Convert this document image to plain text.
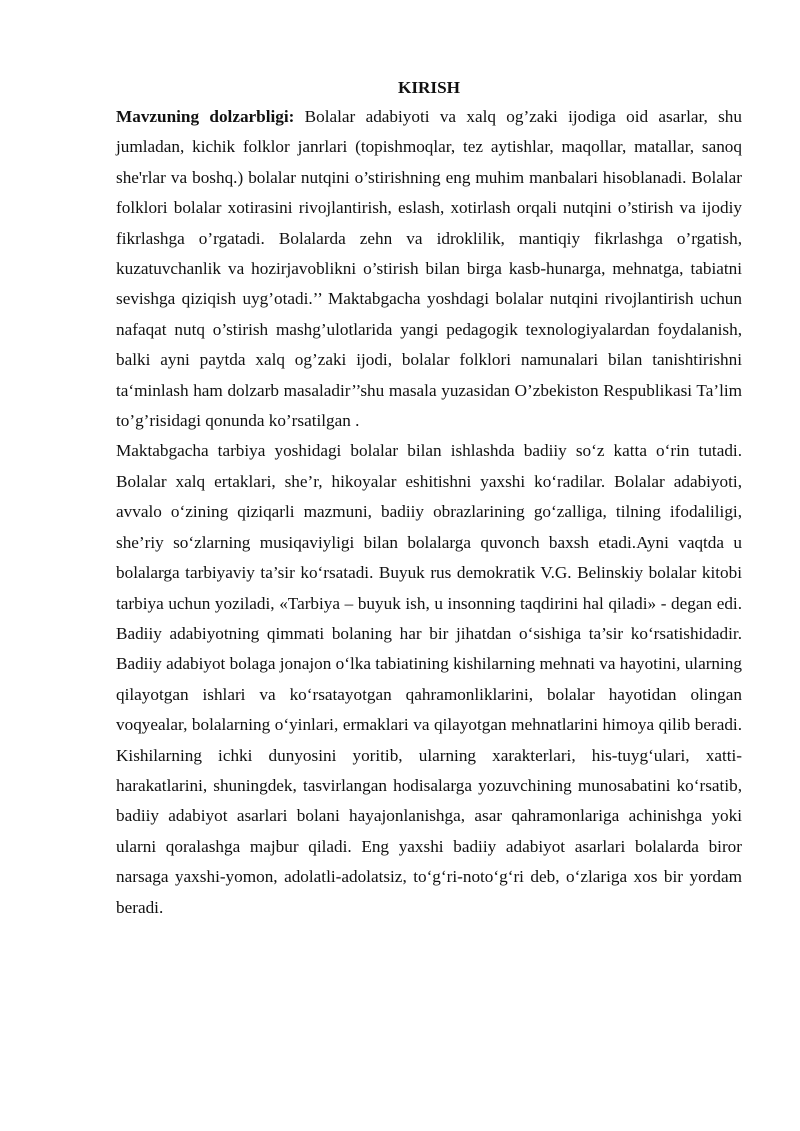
KIRISH

Mavzuning dolzarbligi: Bolalar adabiyoti va xalq og’zaki ijodiga oid asarlar, shu jumladan, kichik folklor janrlari (topishmoqlar, tez aytishlar, maqollar, matallar, sanoq she'rlar va boshq.) bolalar nutqini o’stirishning eng muhim manbalari hisoblanadi. Bolalar folklori bolalar xotirasini rivojlantirish, eslash, xotirlash orqali nutqini o’stirish va ijodiy fikrlashga o’rgatadi. Bolalarda zehn va idroklilik, mantiqiy fikrlashga o’rgatish, kuzatuvchanlik va hozirjavoblikni o’stirish bilan birga kasb-hunarga, mehnatga, tabiatni sevishga qiziqish uyg’otadi.’’ Maktabgacha yoshdagi bolalar nutqini rivojlantirish uchun nafaqat nutq o’stirish mashg’ulotlarida yangi pedagogik texnologiyalardan foydalanish, balki ayni paytda xalq og’zaki ijodi, bolalar folklori namunalari bilan tanishtirishni ta‘minlash ham dolzarb masaladir’’shu masala yuzasidan O’zbekiston Respublikasi Ta’lim to’g’risidagi qonunda ko’rsatilgan .

Maktabgacha tarbiya yoshidagi bolalar bilan ishlashda badiiy so‘z katta o‘rin tutadi. Bolalar xalq ertaklari, she’r, hikoyalar eshitishni yaxshi ko‘radilar. Bolalar adabiyoti, avvalo o‘zining qiziqarli mazmuni, badiiy obrazlarining go‘zalliga, tilning ifodaliligi, she’riy so‘zlarning musiqaviyligi bilan bolalarga quvonch baxsh etadi.Ayni vaqtda u bolalarga tarbiyaviy ta’sir ko‘rsatadi. Buyuk rus demokratik V.G. Belinskiy bolalar kitobi tarbiya uchun yoziladi, «Tarbiya – buyuk ish, u insonning taqdirini hal qiladi» - degan edi. Badiiy adabiyotning qimmati bolaning har bir jihatdan o‘sishiga ta’sir ko‘rsatishidadir. Badiiy adabiyot bolaga jonajon o‘lka tabiatining kishilarning mehnati va hayotini, ularning qilayotgan ishlari va ko‘rsatayotgan qahramonliklarini, bolalar hayotidan olingan voqyealar, bolalarning o‘yinlari, ermaklari va qilayotgan mehnatlarini himoya qilib beradi. Kishilarning ichki dunyosini yoritib, ularning xarakterlari, his-tuyg‘ulari, xatti-harakatlarini, shuningdek, tasvirlangan hodisalarga yozuvchining munosabatini ko‘rsatib, badiiy adabiyot asarlari bolani hayajonlanishga, asar qahramonlariga achinishga yoki ularni qoralashga majbur qiladi. Eng yaxshi badiiy adabiyot asarlari bolalarda biror narsaga yaxshi-yomon, adolatli-adolatsiz, to‘g‘ri-noto‘g‘ri deb, o‘zlariga xos bir yordam beradi.
